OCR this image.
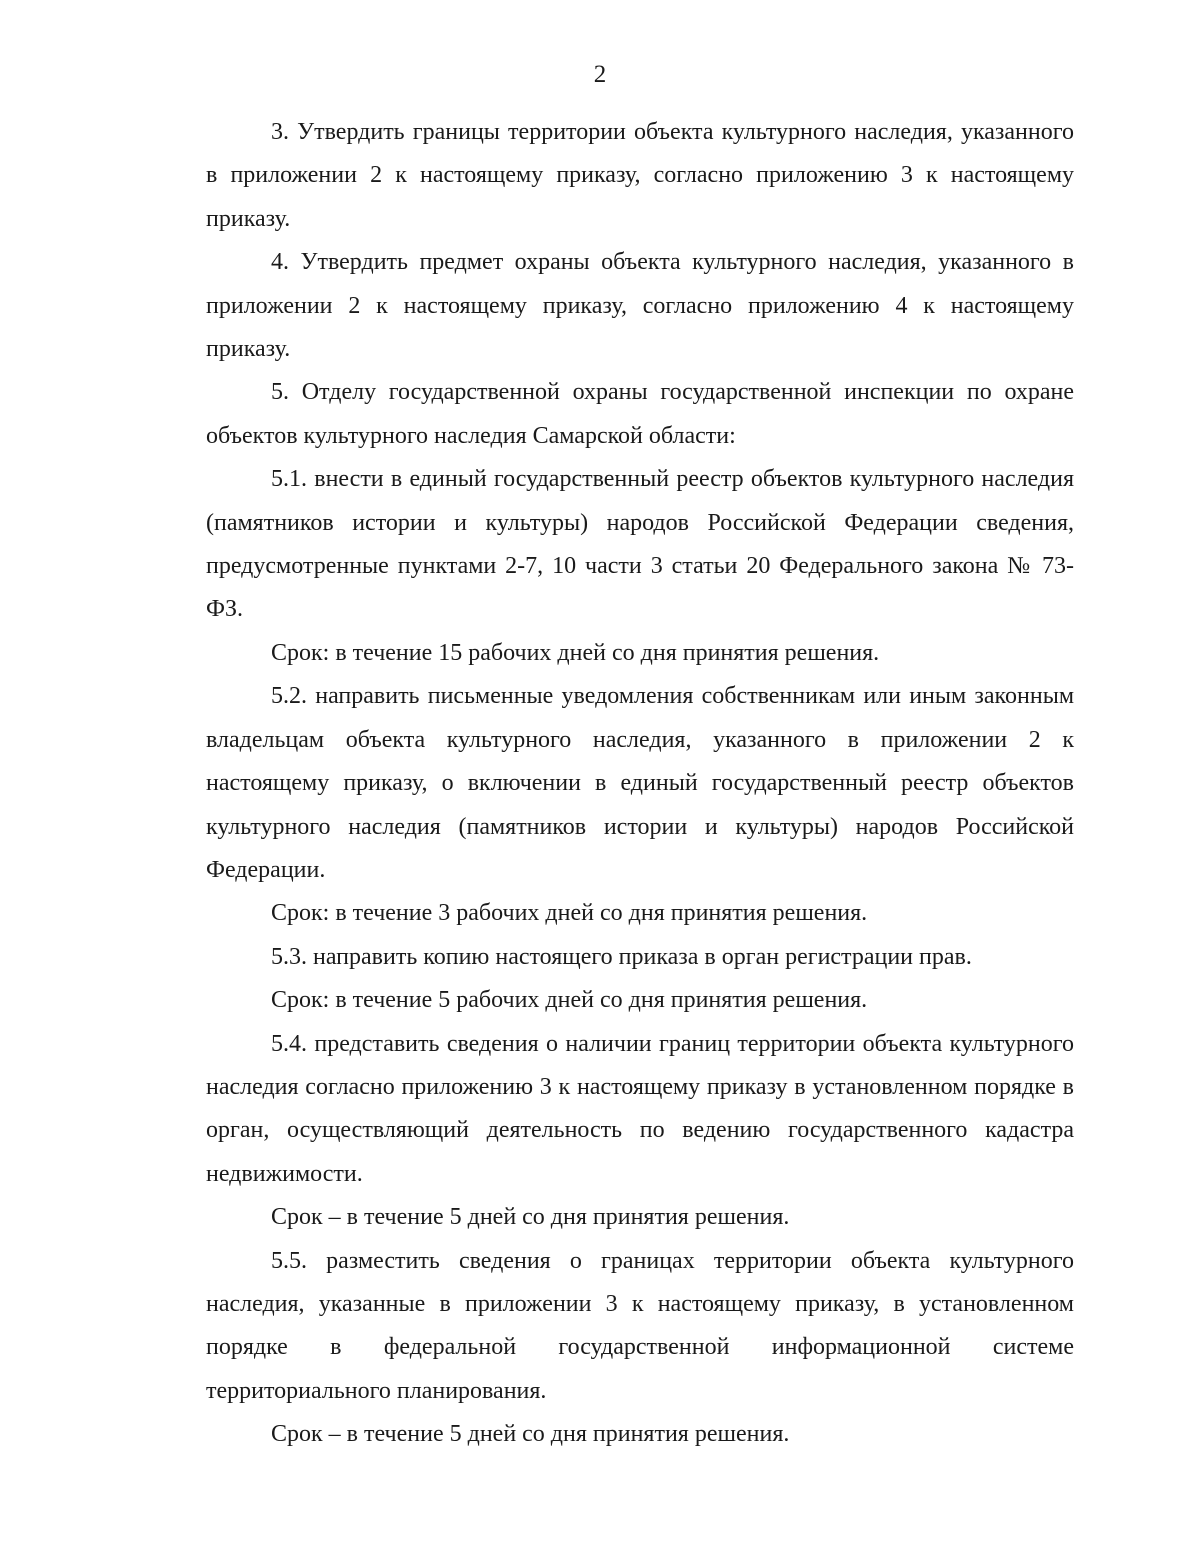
2

3. Утвердить границы территории объекта культурного наследия, указанного в приложении 2 к настоящему приказу, согласно приложению 3 к настоящему приказу.

4. Утвердить предмет охраны объекта культурного наследия, указанного в приложении 2 к настоящему приказу, согласно приложению 4 к настоящему приказу.

5. Отделу государственной охраны государственной инспекции по охране объектов культурного наследия Самарской области:

5.1. внести в единый государственный реестр объектов культурного наследия (памятников истории и культуры) народов Российской Федерации сведения, предусмотренные пунктами 2-7, 10 части 3 статьи 20 Федерального закона № 73-ФЗ.

Срок: в течение 15 рабочих дней со дня принятия решения.

5.2. направить письменные уведомления собственникам или иным законным владельцам объекта культурного наследия, указанного в приложении 2 к настоящему приказу, о включении в единый государственный реестр объектов культурного наследия (памятников истории и культуры) народов Российской Федерации.

Срок: в течение 3 рабочих дней со дня принятия решения.

5.3. направить копию настоящего приказа в орган регистрации прав.

Срок: в течение 5 рабочих дней со дня принятия решения.

5.4. представить сведения о наличии границ территории объекта культурного наследия согласно приложению 3 к настоящему приказу в установленном порядке в орган, осуществляющий деятельность по ведению государственного кадастра недвижимости.

Срок – в течение 5 дней со дня принятия решения.

5.5. разместить сведения о границах территории объекта культурного наследия, указанные в приложении 3 к настоящему приказу, в установленном порядке в федеральной государственной информационной системе территориального планирования.

Срок – в течение 5 дней со дня принятия решения.
